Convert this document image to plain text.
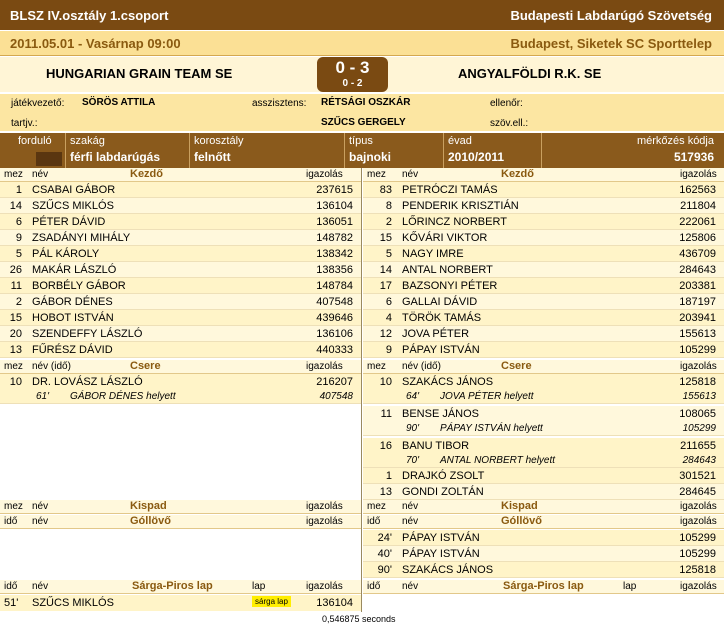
BLSZ IV.osztály 1.csoport	Budapesti Labdarúgó Szövetség
2011.05.01 - Vasárnap 09:00	Budapest, Siketek SC Sporttelep
HUNGARIAN GRAIN TEAM SE	0 - 3
0 - 2
ANGYALFÖLDI R.K. SE
játékvezető: SÖRÖS ATTILA	asszisztens: RÉTSÁGI OSZKÁR
SZŰCS GERGELY
ellenőr:
tartjv.:	szöv.ell.:
forduló szakág
férfi labdarúgás
korosztály
felnőtt
típus
bajnoki
évad
2010/2011
mérkőzés kódja
517936
mez név	Kezdő	igazolás mez név	Kezdő	igazolás
1 CSABAI GÁBOR	237615
14 SZŰCS MIKLÓS	136104
6 PÉTER DÁVID	136051
9 ZSADÁNYI MIHÁLY	148782
5 PÁL KÁROLY	138342
26 MAKÁR LÁSZLÓ	138356
11 BORBÉLY GÁBOR	148784
2 GÁBOR DÉNES	407548
15 HOBOT ISTVÁN	439646
20 SZENDEFFY LÁSZLÓ	136106
13 FŰRÉSZ DÁVID	440333
83 PETRÓCZI TAMÁS	162563
8 PENDERIK KRISZTIÁN	211804
2 LŐRINCZ NORBERT	222061
15 KŐVÁRI VIKTOR	125806
5 NAGY IMRE	436709
14 ANTAL NORBERT	284643
17 BAZSONYI PÉTER	203381
6 GALLAI DÁVID	187197
4 TÖRÖK TAMÁS	203941
12 JOVA PÉTER	155613
9 PÁPAY ISTVÁN	105299
mez név (idő)	Csere	igazolás mez név (idő)	Csere	igazolás
10 DR. LOVÁSZ LÁSZLÓ	216207
61' GÁBOR DÉNES helyett	407548
10 SZAKÁCS JÁNOS	125818
64' JOVA PÉTER helyett	155613
11 BENSE JÁNOS	108065
90' PÁPAY ISTVÁN helyett	105299
16 BANU TIBOR	211655
70' ANTAL NORBERT helyett	284643
1 DRAJKÓ ZSOLT	301521
13 GONDI ZOLTÁN	284645
mez név	Kispad	igazolás mez név	Kispad	igazolás
idő név	Góllövő	igazolás idő név	Góllövő	igazolás
24' PÁPAY ISTVÁN	105299
40' PÁPAY ISTVÁN	105299
90' SZAKÁCS JÁNOS	125818
idő név	Sárga-Piros lap	lap	igazolás idő név	Sárga-Piros lap	lap	igazolás
51' SZŰCS MIKLÓS	sárga lap	136104
0,546875 seconds
